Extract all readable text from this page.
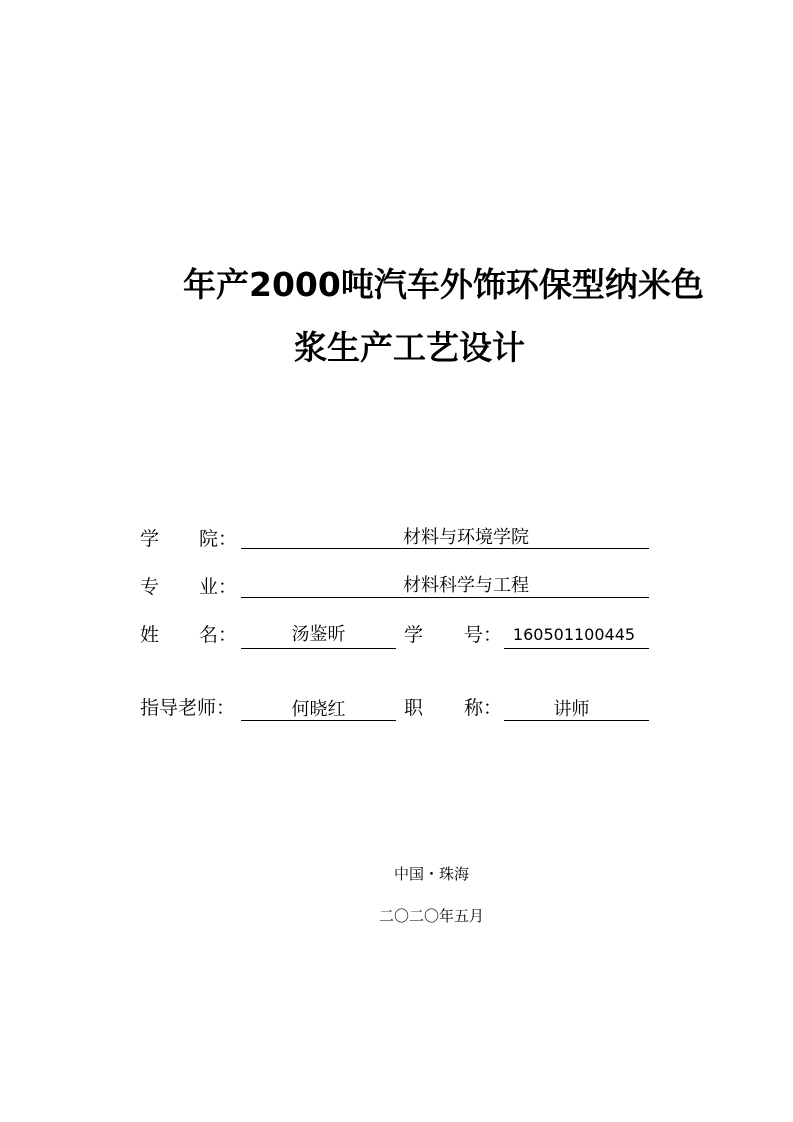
年产2000吨汽车外饰环保型纳米色
浆生产工艺设计
学 院：	材料与环境学院
专 业：	材料科学与工程
姓 名：	汤鉴昕	学 号： 160501100445
指导老师：	何晓红	职 称：	讲师
中国・珠海
二〇二〇年五月
